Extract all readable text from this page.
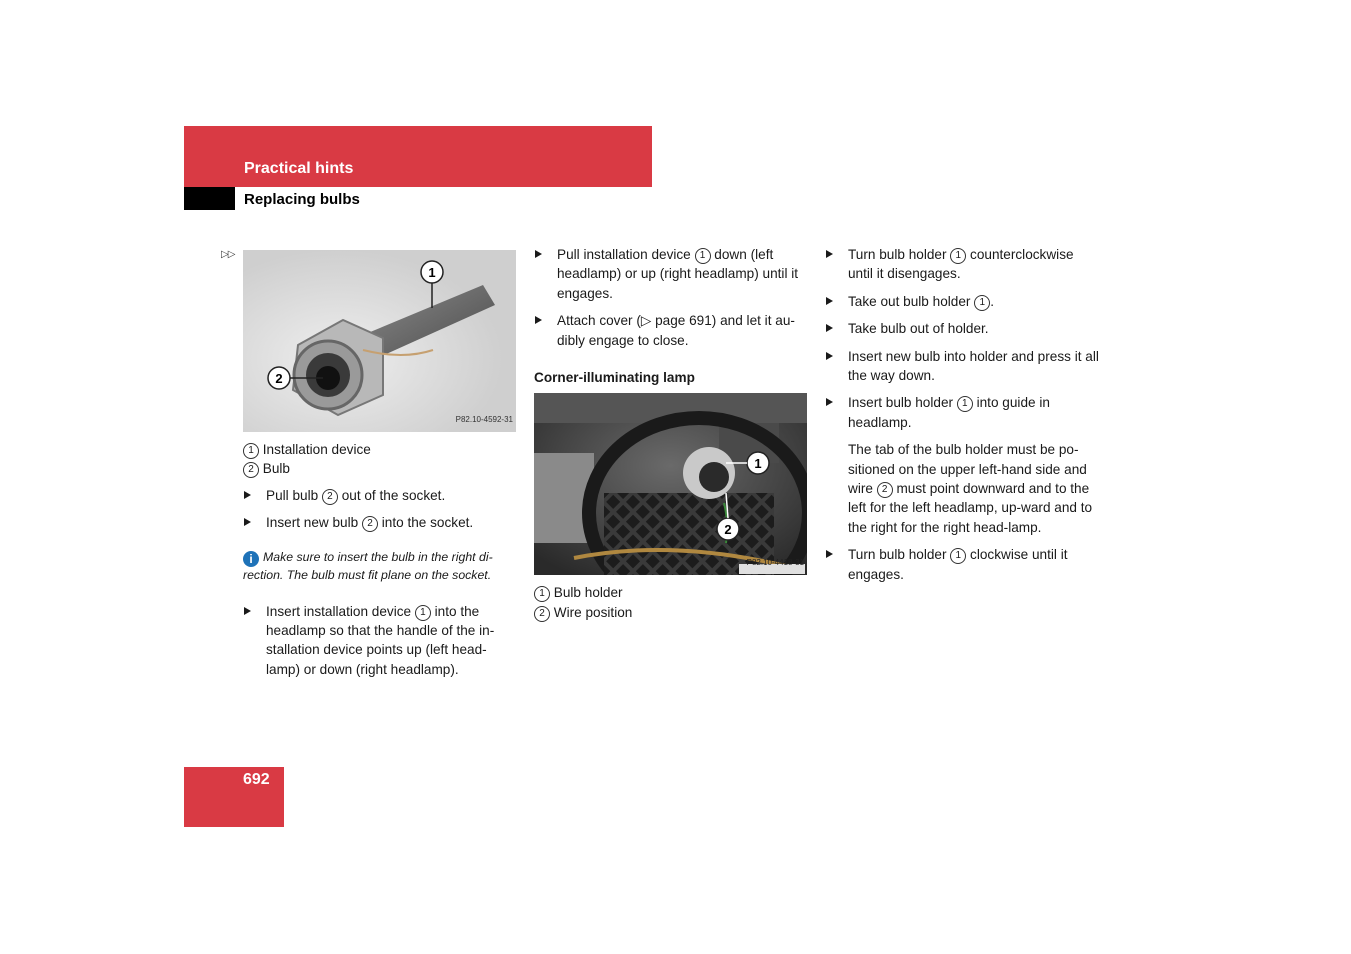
Practical hints
Replacing bulbs
▷▷
1
2
P82.10-4592-31

1 Installation device

2 Bulb

Pull bulb 2 out of the socket.
Insert new bulb 2 into the socket.
i Make sure to insert the bulb in the right di-rection. The bulb must fit plane on the socket.
Insert installation device 1 into the headlamp so that the handle of the in-stallation device points up (left head-lamp) or down (right headlamp).
Pull installation device 1 down (left headlamp) or up (right headlamp) until it engages.
Attach cover (▷ page 691) and let it au-dibly engage to close.
Corner-illuminating lamp
1
2
P82.10-4418-31

1 Bulb holder

2 Wire position

Turn bulb holder 1 counterclockwise until it disengages.
Take out bulb holder 1 .
Take bulb out of holder.
Insert new bulb into holder and press it all the way down.
Insert bulb holder 1 into guide in headlamp.
The tab of the bulb holder must be po-sitioned on the upper left-hand side and wire 2 must point downward and to the left for the left headlamp, up-ward and to the right for the right head-lamp.
Turn bulb holder 1 clockwise until it engages.
692
